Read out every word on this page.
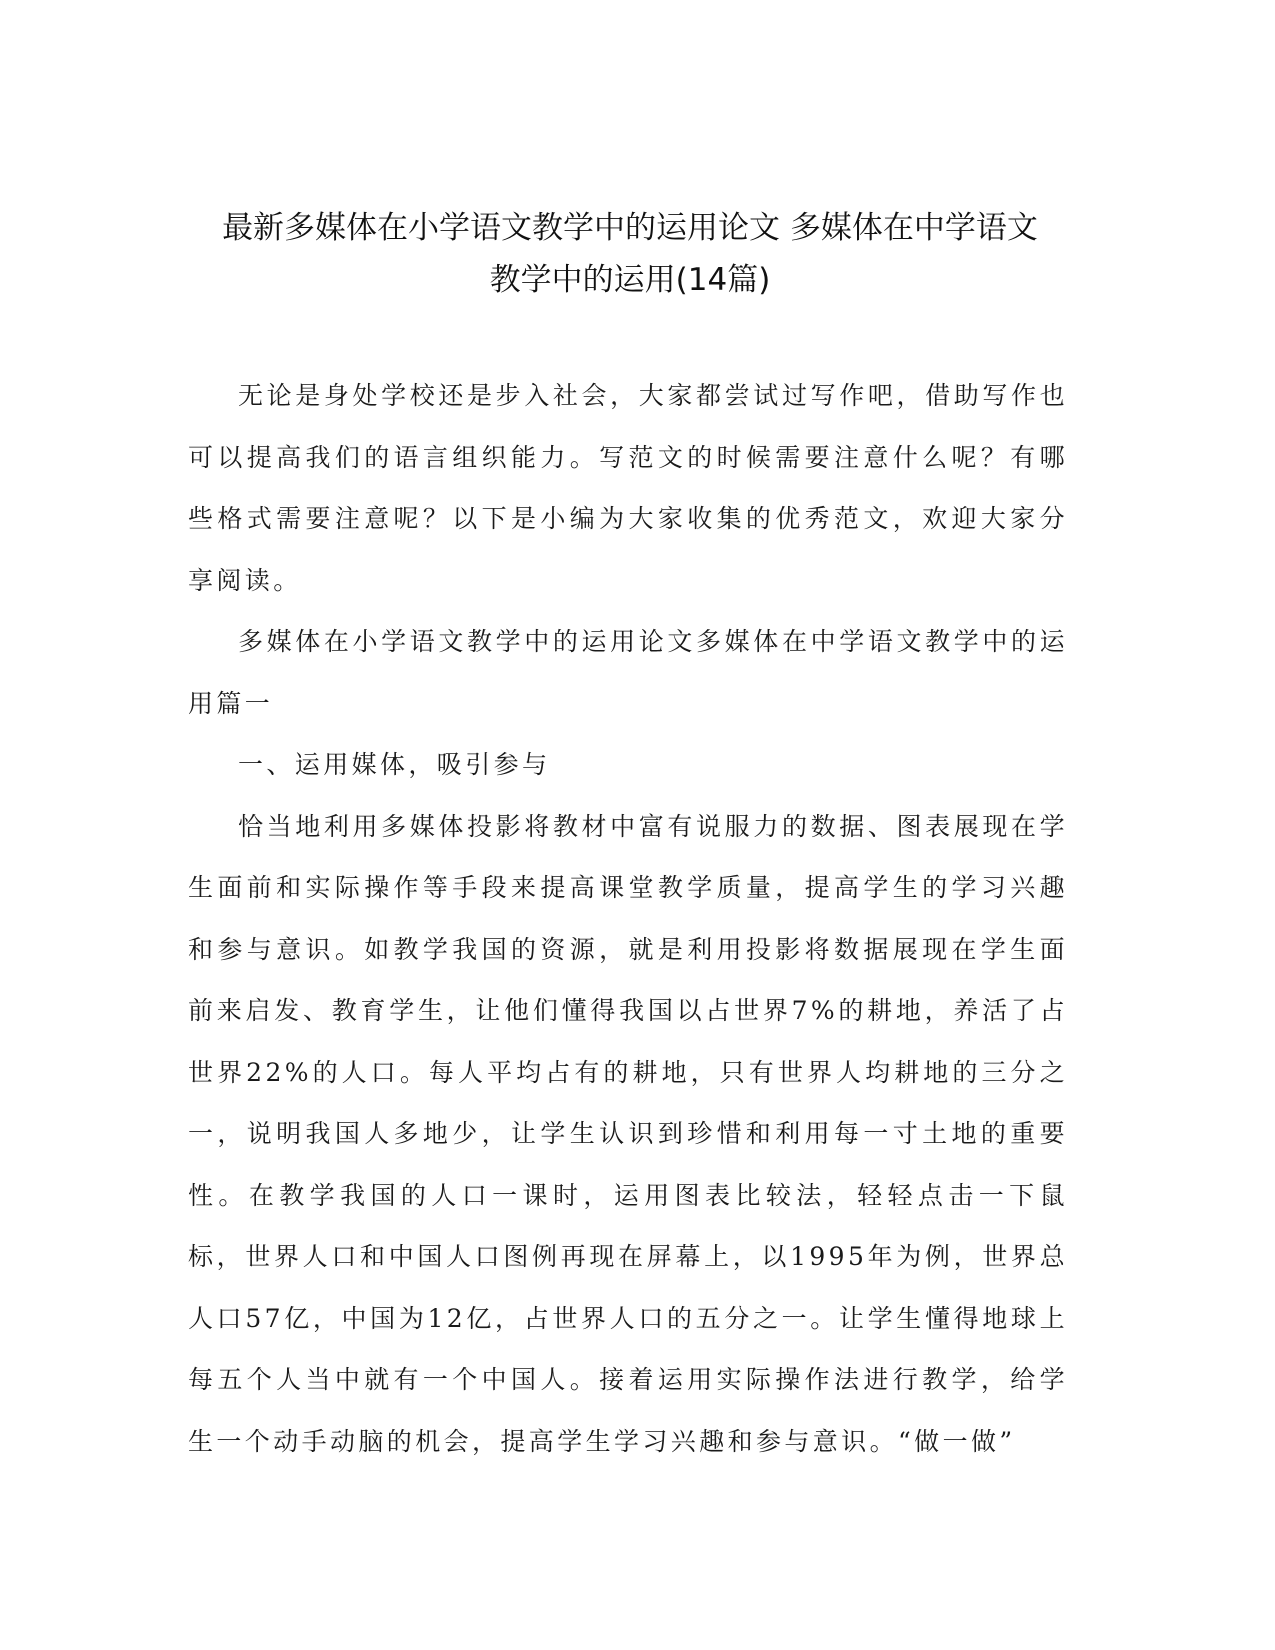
最新多媒体在小学语文教学中的运用论文 多媒体在中学语文
教学中的运用(14篇)

无论是身处学校还是步入社会，大家都尝试过写作吧，借助写作也可以提高我们的语言组织能力。写范文的时候需要注意什么呢？有哪些格式需要注意呢？以下是小编为大家收集的优秀范文，欢迎大家分享阅读。

多媒体在小学语文教学中的运用论文多媒体在中学语文教学中的运用篇一

一、运用媒体，吸引参与

恰当地利用多媒体投影将教材中富有说服力的数据、图表展现在学生面前和实际操作等手段来提高课堂教学质量，提高学生的学习兴趣和参与意识。如教学我国的资源，就是利用投影将数据展现在学生面前来启发、教育学生，让他们懂得我国以占世界7%的耕地，养活了占世界22%的人口。每人平均占有的耕地，只有世界人均耕地的三分之一，说明我国人多地少，让学生认识到珍惜和利用每一寸土地的重要性。在教学我国的人口一课时，运用图表比较法，轻轻点击一下鼠标，世界人口和中国人口图例再现在屏幕上，以1995年为例，世界总人口57亿，中国为12亿，占世界人口的五分之一。让学生懂得地球上每五个人当中就有一个中国人。接着运用实际操作法进行教学，给学生一个动手动脑的机会，提高学生学习兴趣和参与意识。“做一做”
